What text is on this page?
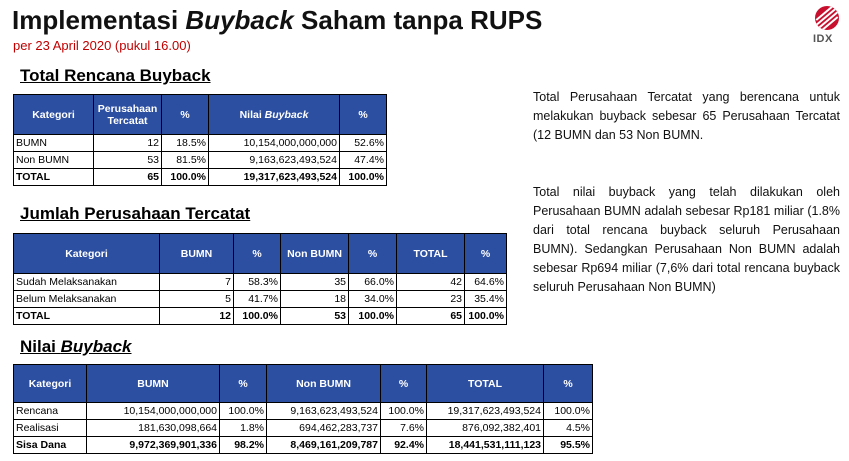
Implementasi Buyback Saham tanpa RUPS
per 23 April 2020 (pukul 16.00)	IDX
Total Rencana Buyback
Kategori	Perusahaan Tercatat	%	Nilai Buyback	%
BUMN	12	18.5%	10,154,000,000,000	52.6%
Non BUMN	53	81.5%	9,163,623,493,524	47.4%
TOTAL	65	100.0%	19,317,623,493,524	100.0%
Jumlah Perusahaan Tercatat
Kategori	BUMN	%	Non BUMN	%	TOTAL	%
Sudah Melaksanakan	7	58.3%	35	66.0%	42	64.6%
Belum Melaksanakan	5	41.7%	18	34.0%	23	35.4%
TOTAL	12	100.0%	53	100.0%	65	100.0%
Nilai Buyback
Kategori	BUMN	%	Non BUMN	%	TOTAL	%
Rencana	10,154,000,000,000	100.0%	9,163,623,493,524	100.0%	19,317,623,493,524	100.0%
Realisasi	181,630,098,664	1.8%	694,462,283,737	7.6%	876,092,382,401	4.5%
Sisa Dana	9,972,369,901,336	98.2%	8,469,161,209,787	92.4%	18,441,531,111,123	95.5%
Total Perusahaan Tercatat yang berencana untuk melakukan buyback sebesar 65 Perusahaan Tercatat (12 BUMN dan 53 Non BUMN.
Total nilai buyback yang telah dilakukan oleh Perusahaan BUMN adalah sebesar Rp181 miliar (1.8% dari total rencana buyback seluruh Perusahaan BUMN). Sedangkan Perusahaan Non BUMN adalah sebesar Rp694 miliar (7,6% dari total rencana buyback seluruh Perusahaan Non BUMN)
